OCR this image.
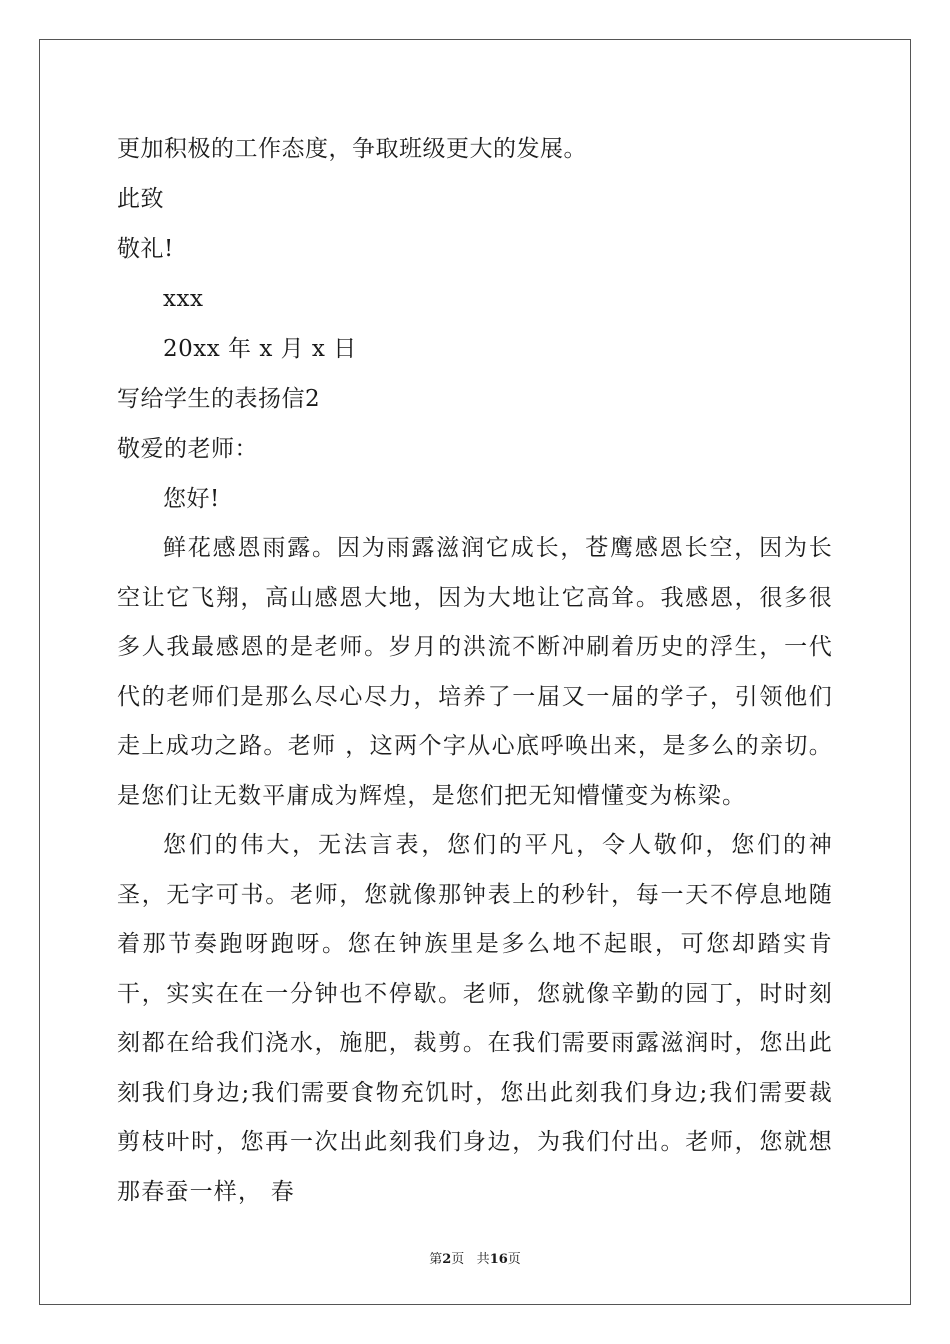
更加积极的工作态度，争取班级更大的发展。
此致
敬礼!
xxx
20xx 年 x 月 x 日
写给学生的表扬信2
敬爱的老师：
您好!

鲜花感恩雨露。因为雨露滋润它成长，苍鹰感恩长空，因为长空让它飞翔，高山感恩大地，因为大地让它高耸。我感恩，很多很多人我最感恩的是老师。岁月的洪流不断冲刷着历史的浮生，一代代的老师们是那么尽心尽力，培养了一届又一届的学子，引领他们走上成功之路。老师 ，这两个字从心底呼唤出来，是多么的亲切。是您们让无数平庸成为辉煌，是您们把无知懵懂变为栋梁。

您们的伟大，无法言表，您们的平凡，令人敬仰，您们的神圣，无字可书。老师，您就像那钟表上的秒针，每一天不停息地随着那节奏跑呀跑呀。您在钟族里是多么地不起眼，可您却踏实肯干，实实在在一分钟也不停歇。老师，您就像辛勤的园丁，时时刻刻都在给我们浇水，施肥，裁剪。在我们需要雨露滋润时，您出此刻我们身边;我们需要食物充饥时，您出此刻我们身边;我们需要裁剪枝叶时，您再一次出此刻我们身边，为我们付出。老师，您就想那春蚕一样， 春

第2页 共16页
